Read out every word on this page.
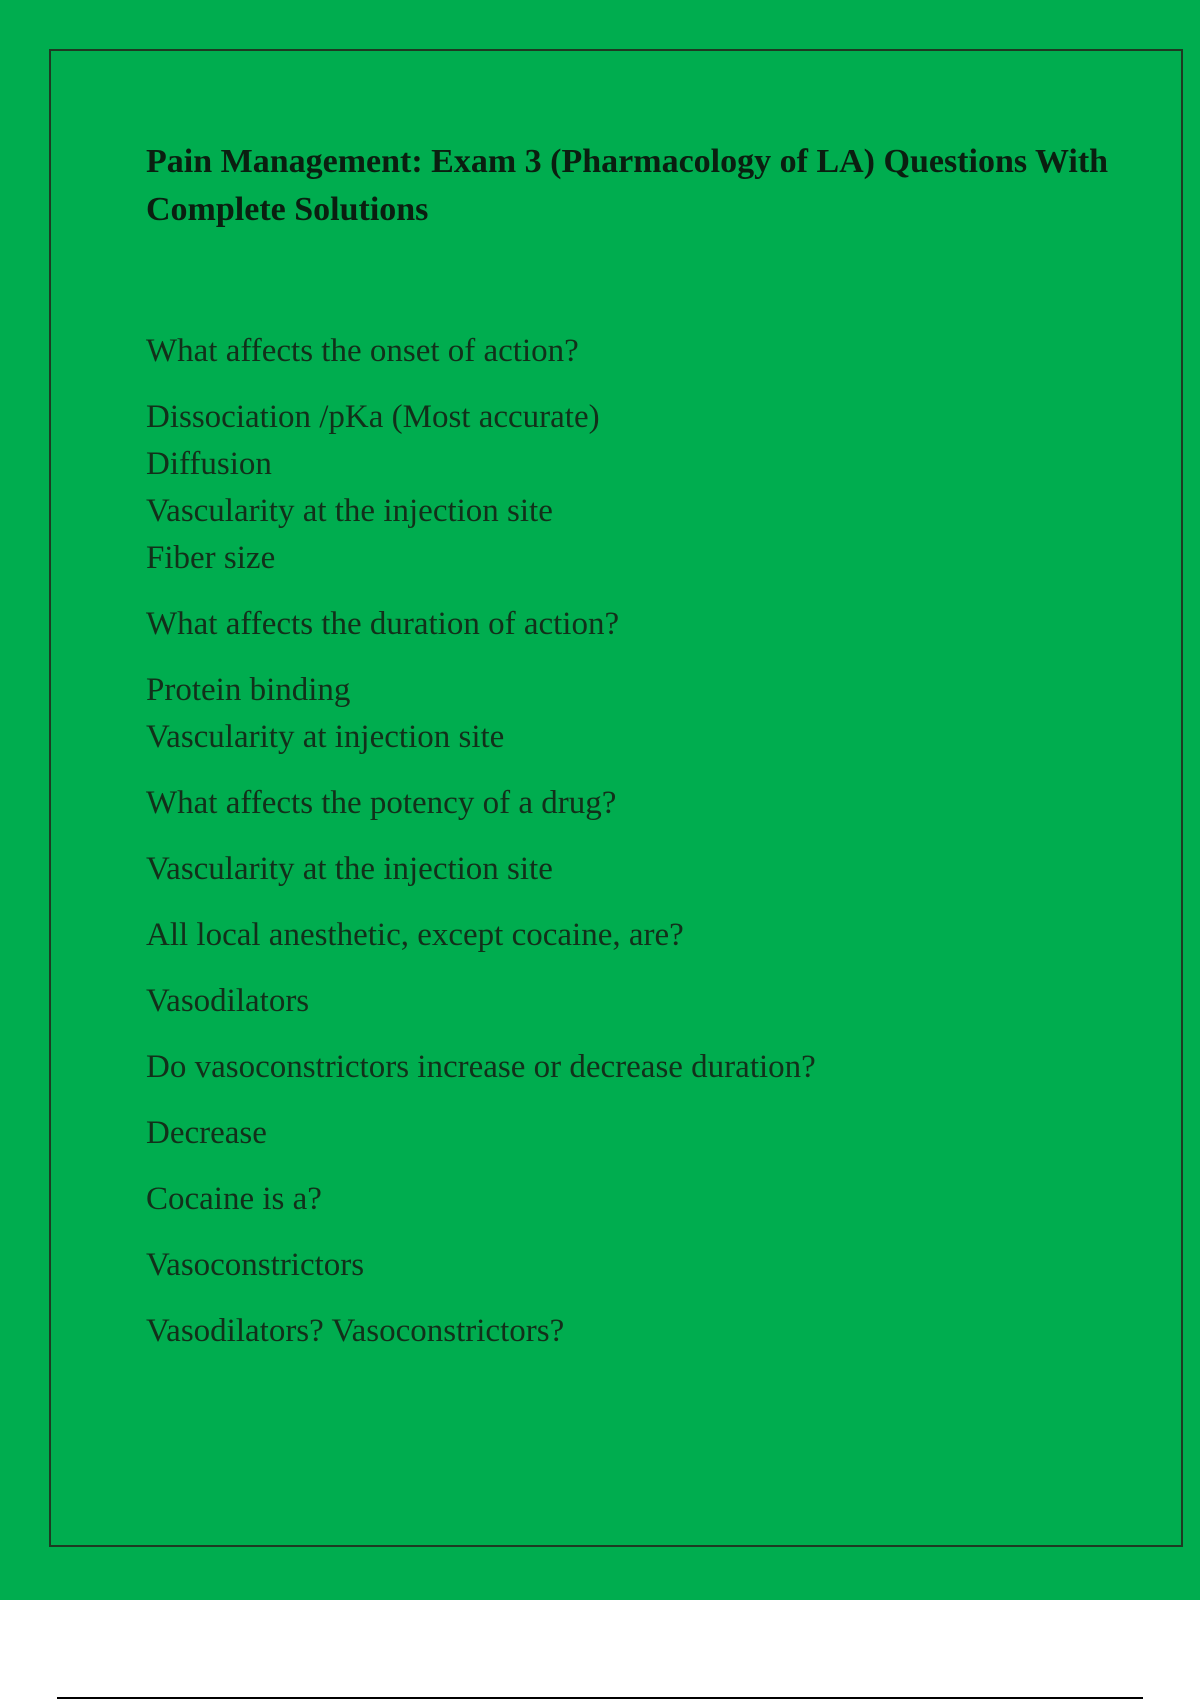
Pain Management: Exam 3 (Pharmacology of LA) Questions With Complete Solutions
What affects the onset of action?
Dissociation /pKa (Most accurate)
Diffusion
Vascularity at the injection site
Fiber size
What affects the duration of action?
Protein binding
Vascularity at injection site
What affects the potency of a drug?
Vascularity at the injection site
All local anesthetic, except cocaine, are?
Vasodilators
Do vasoconstrictors increase or decrease duration?
Decrease
Cocaine is a?
Vasoconstrictors
Vasodilators? Vasoconstrictors?
